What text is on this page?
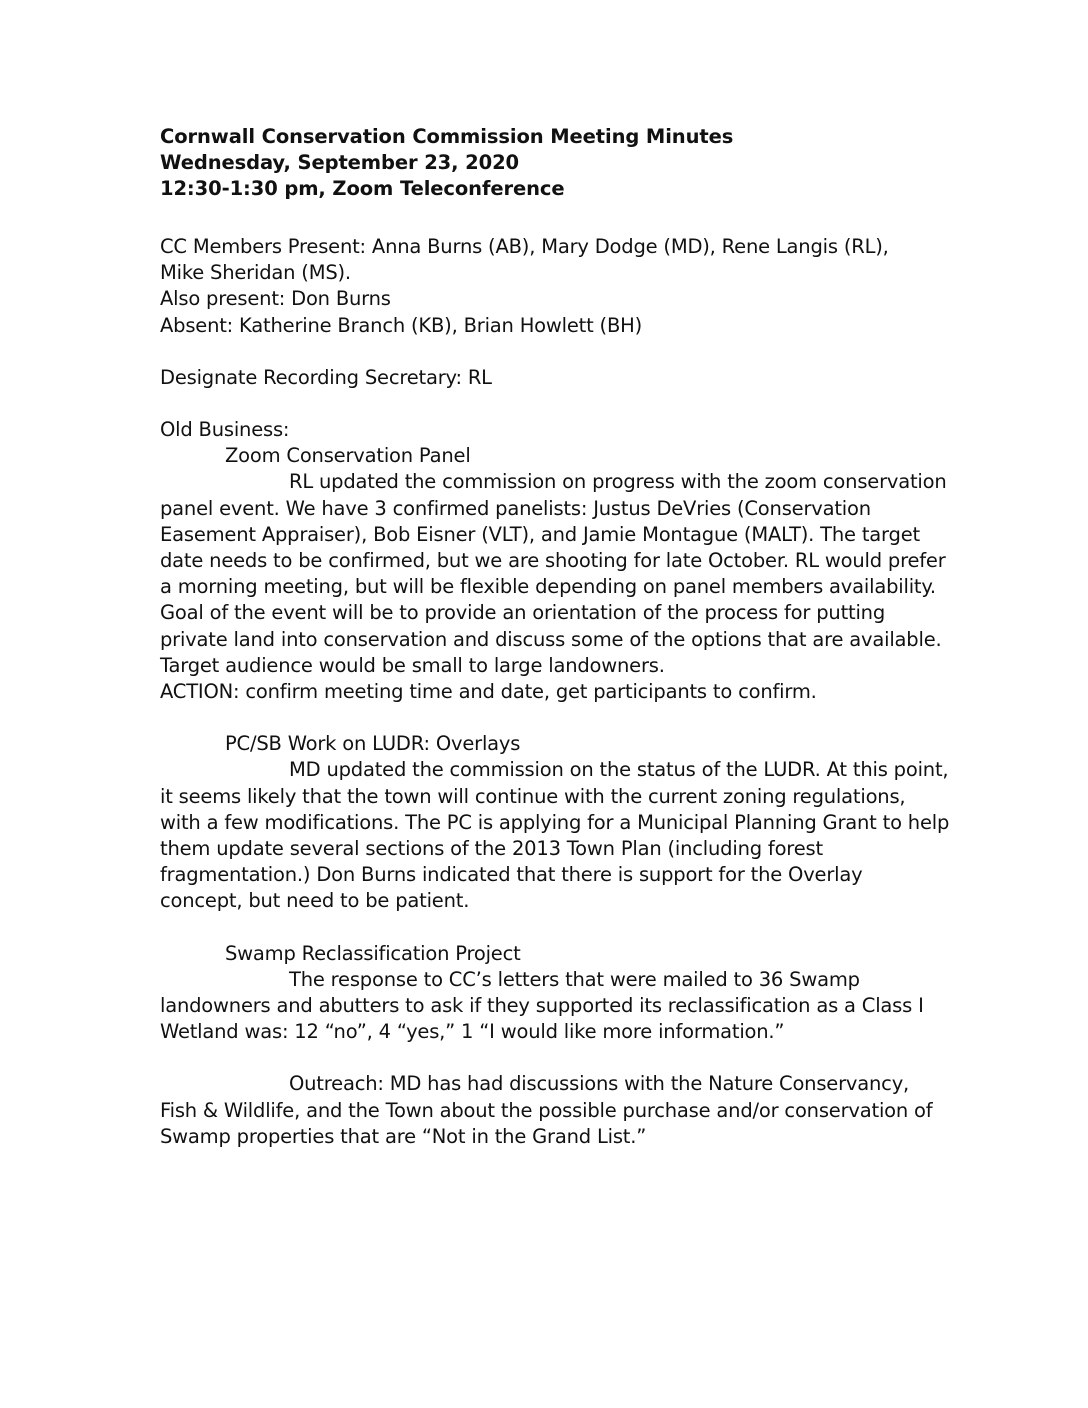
Cornwall Conservation Commission Meeting Minutes
Wednesday, September 23, 2020
12:30-1:30 pm, Zoom Teleconference
CC Members Present: Anna Burns (AB), Mary Dodge (MD), Rene Langis (RL),
Mike Sheridan (MS).
Also present: Don Burns
Absent: Katherine Branch (KB), Brian Howlett (BH)
Designate Recording Secretary: RL
Old Business:
Zoom Conservation Panel
RL updated the commission on progress with the zoom conservation panel event. We have 3 confirmed panelists: Justus DeVries (Conservation Easement Appraiser), Bob Eisner (VLT), and Jamie Montague (MALT). The target date needs to be confirmed, but we are shooting for late October. RL would prefer a morning meeting, but will be flexible depending on panel members availability. Goal of the event will be to provide an orientation of the process for putting private land into conservation and discuss some of the options that are available. Target audience would be small to large landowners.
ACTION: confirm meeting time and date, get participants to confirm.
PC/SB Work on LUDR: Overlays
MD updated the commission on the status of the LUDR. At this point, it seems likely that the town will continue with the current zoning regulations, with a few modifications. The PC is applying for a Municipal Planning Grant to help them update several sections of the 2013 Town Plan (including forest fragmentation.) Don Burns indicated that there is support for the Overlay concept, but need to be patient.
Swamp Reclassification Project
The response to CC’s letters that were mailed to 36 Swamp landowners and abutters to ask if they supported its reclassification as a Class I Wetland was: 12 “no”, 4 “yes,” 1 “I would like more information.”
Outreach: MD has had discussions with the Nature Conservancy, Fish & Wildlife, and the Town about the possible purchase and/or conservation of Swamp properties that are “Not in the Grand List.”
